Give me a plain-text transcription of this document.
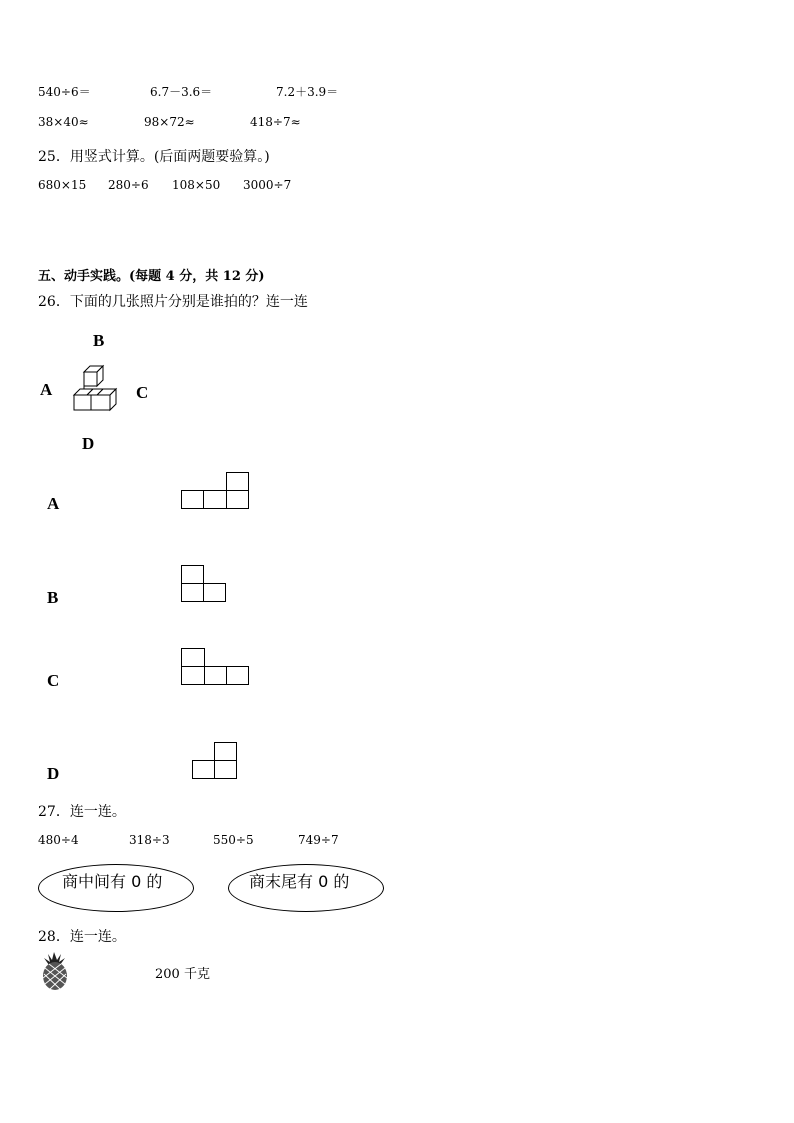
540÷6＝	6.7－3.6＝	7.2＋3.9＝
38×40≈	98×72≈	418÷7≈
25．用竖式计算。(后面两题要验算。)
680×15 280÷6 108×50 3000÷7
五、动手实践。(每题 4 分，共 12 分)
26．下面的几张照片分别是谁拍的？连一连
B
A	C
D
A
B
C
D
27．连一连。
480÷4	318÷3	550÷5	749÷7
商中间有 0 的	商末尾有 0 的
28．连一连。
200 千克
